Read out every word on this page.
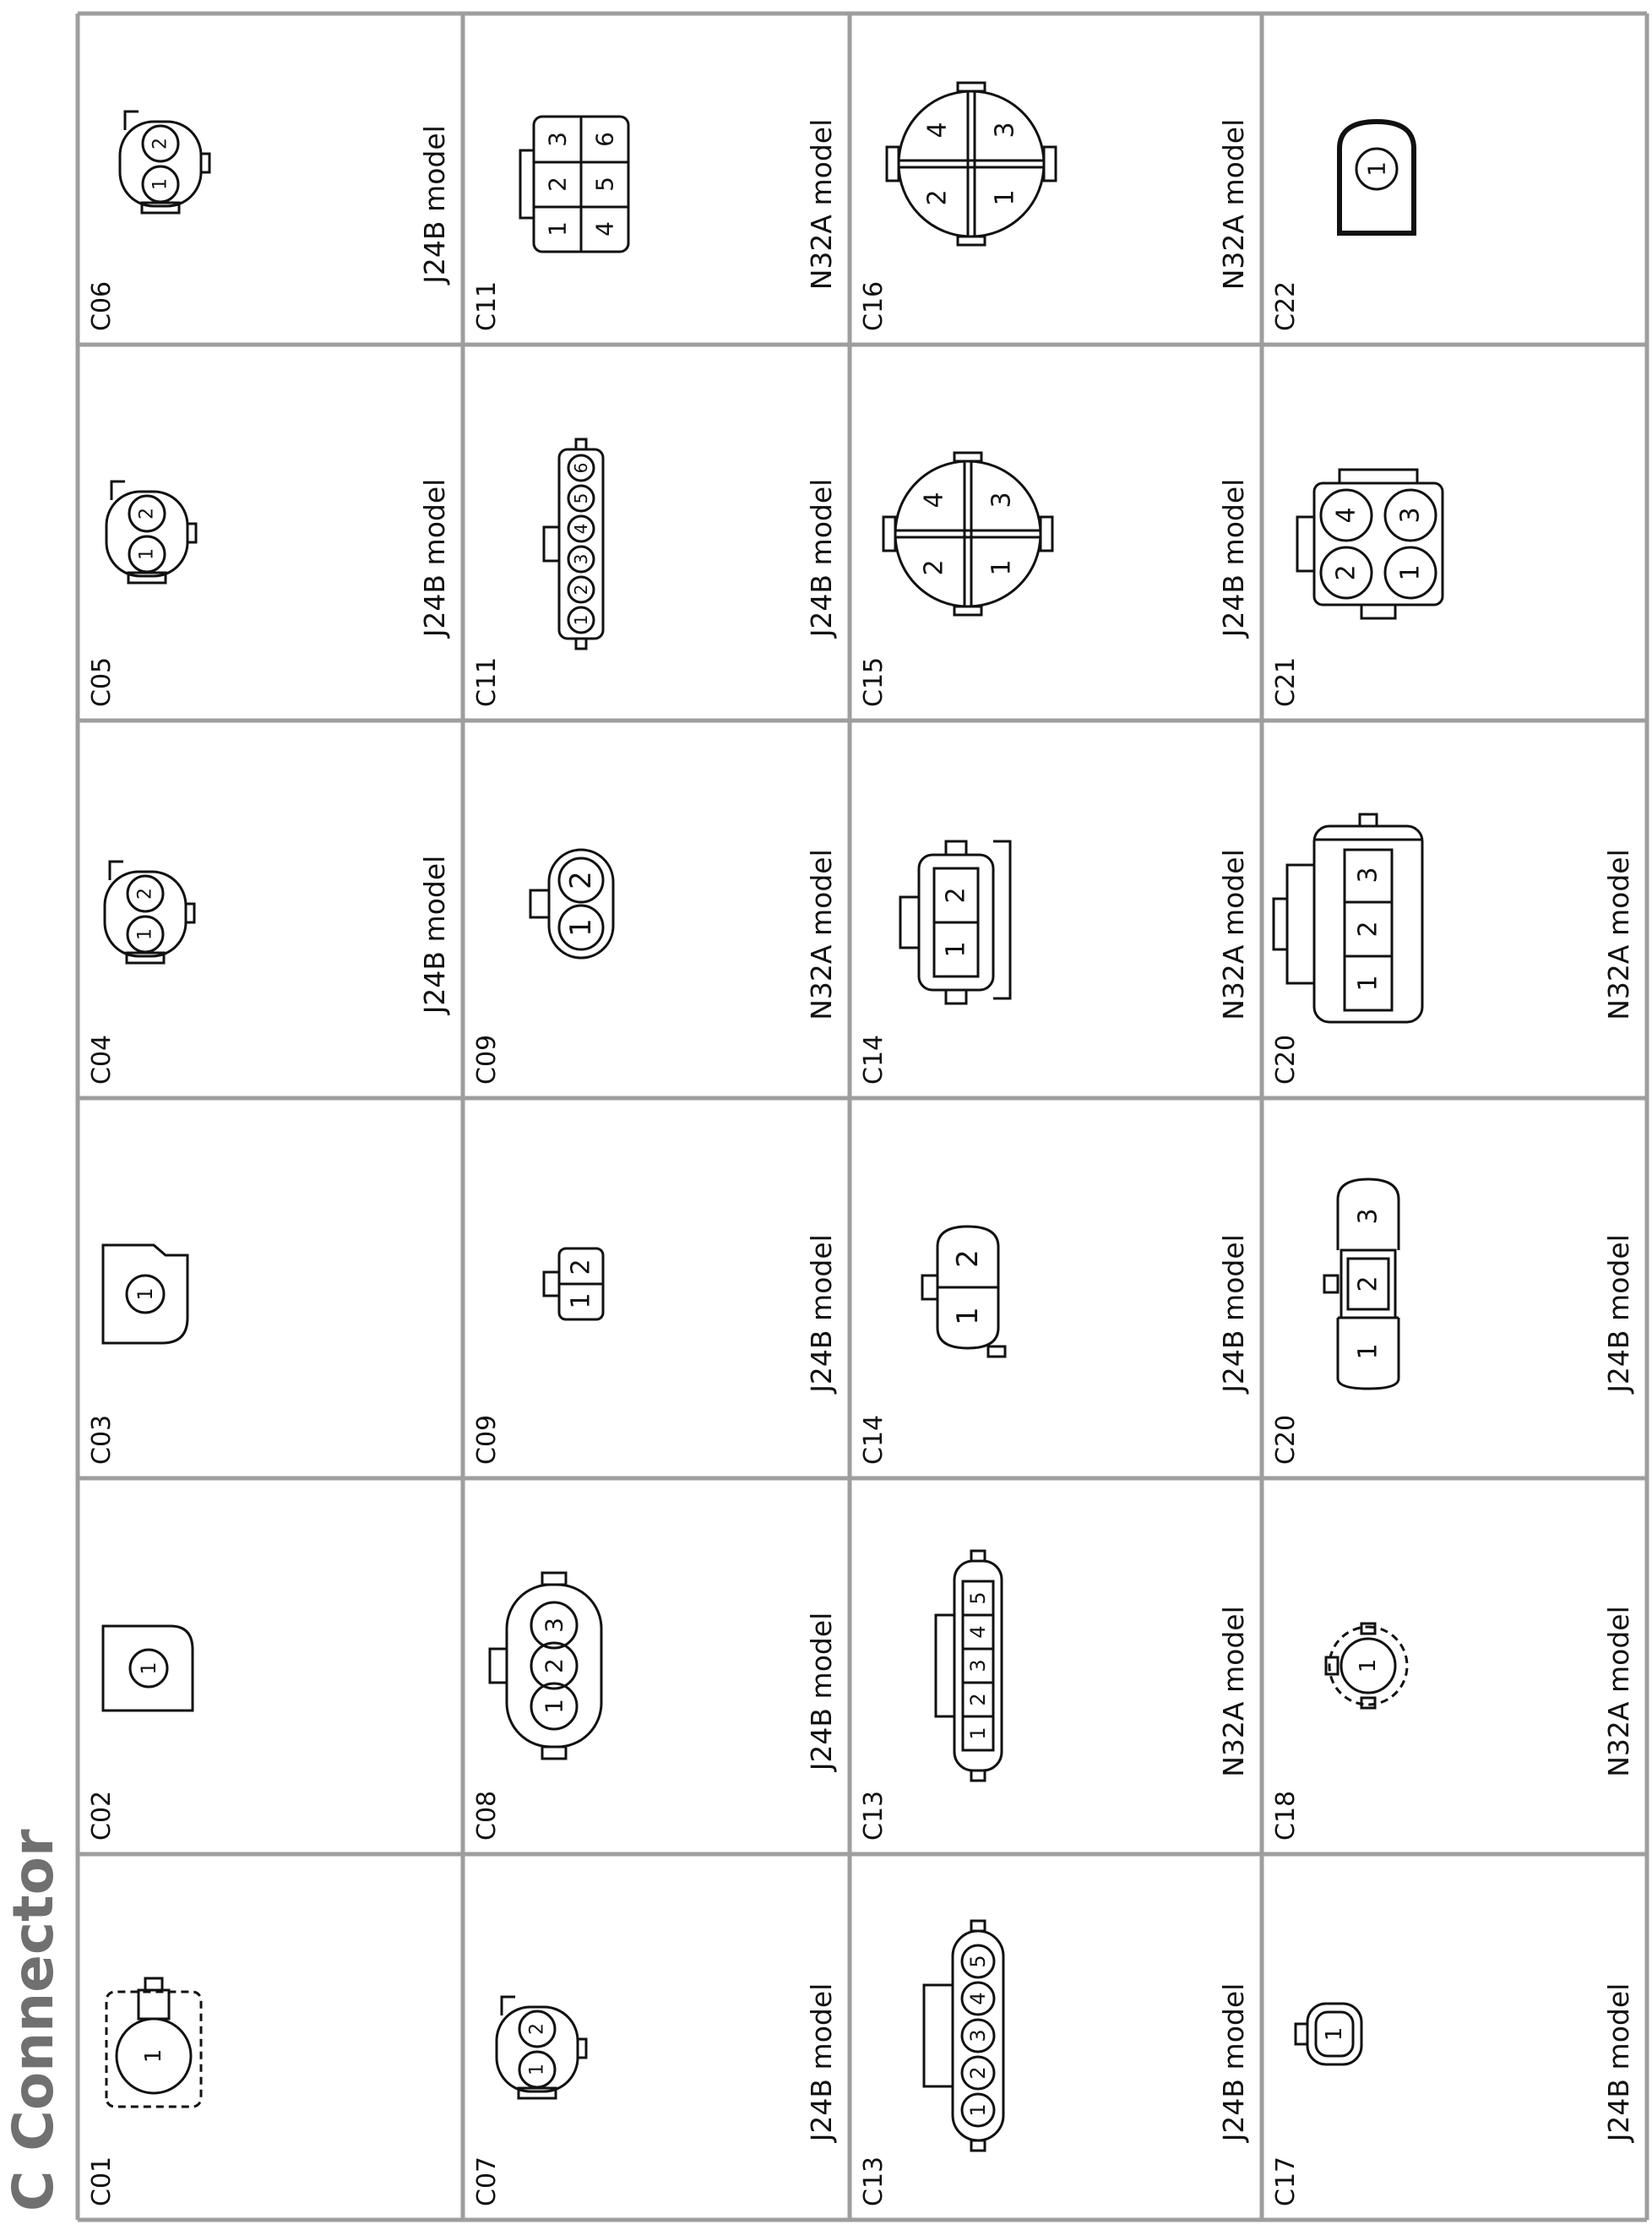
C Connector C01
1
C02
1
C03
1
C04
J24B model
1
2
C05
J24B model
1
2
C06
J24B model
1
2
C07
J24B model
1
2
C08
J24B model
1
2
3
C09
J24B model
1
2
C09
N32A model
1
2
C11
J24B model
1
2
3
4
5
6
C11
N32A model
1 4
2 5
3 6
C13
J24B model
1
2
3
4
5
C13
N32A model
1
2
3
4
5
C14
J24B model
1
2
C14
N32A model
1
2
C15
J24B model
1
2
3
4
C16
N32A model
1
2
3
4
C17
J24B model
1
C18
N32A model
1
C20
J24B model
1
2
3
C20
N32A model
1
2
3
C21
1
2
3
4
C22
1
